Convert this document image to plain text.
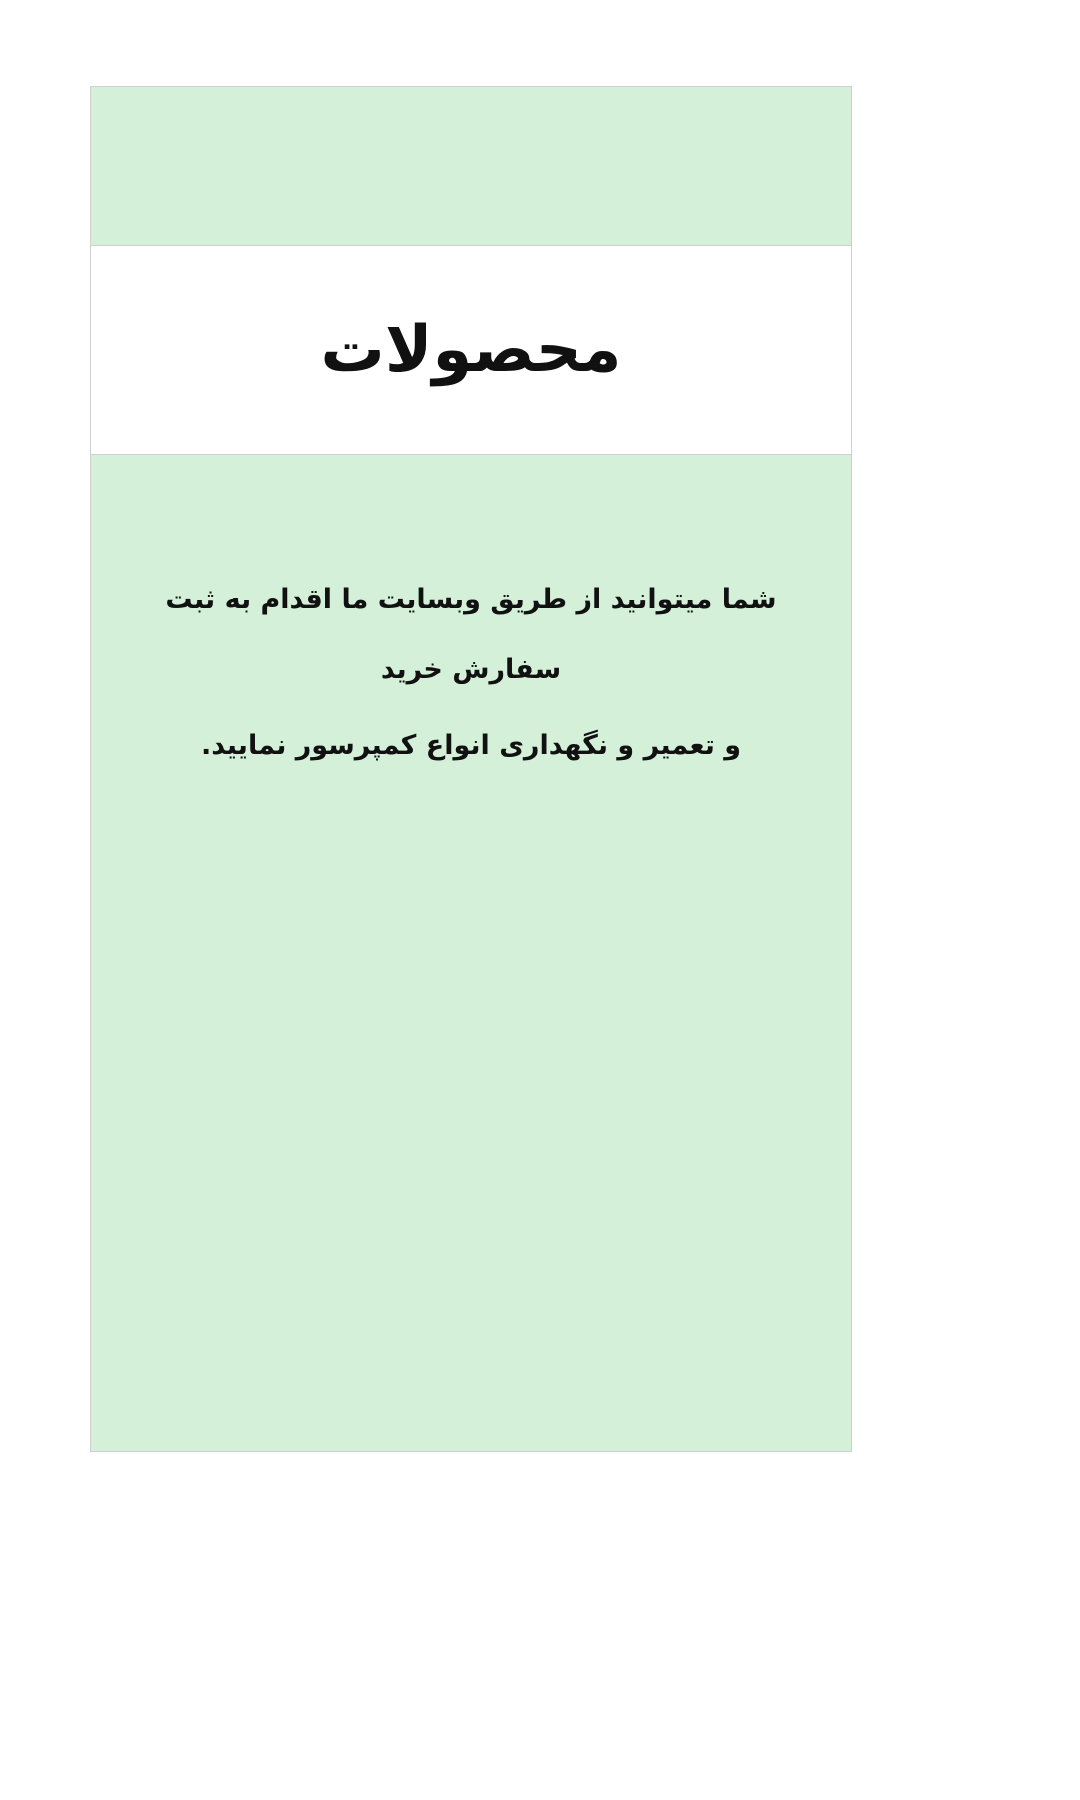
محصولات

شما میتوانید از طریق وبسایت ما اقدام به ثبت سفارش خرید

و تعمیر و نگهداری انواع کمپرسور نمایید.
